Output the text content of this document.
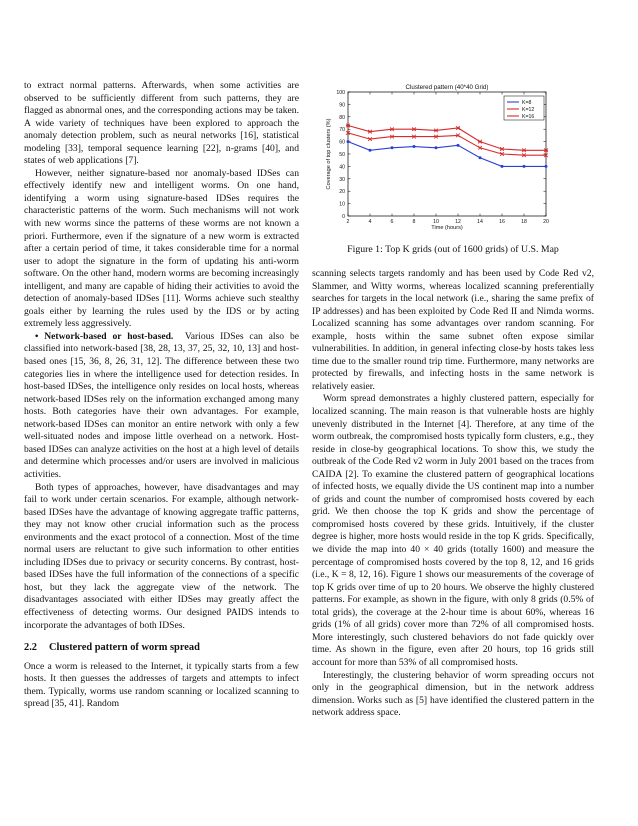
to extract normal patterns. Afterwards, when some activities are observed to be sufficiently different from such patterns, they are flagged as abnormal ones, and the corresponding actions may be taken. A wide variety of techniques have been explored to approach the anomaly detection problem, such as neural networks [16], statistical modeling [33], temporal sequence learning [22], n-grams [40], and states of web applications [7].

However, neither signature-based nor anomaly-based IDSes can effectively identify new and intelligent worms. On one hand, identifying a worm using signature-based IDSes requires the characteristic patterns of the worm. Such mechanisms will not work with new worms since the patterns of these worms are not known a priori. Furthermore, even if the signature of a new worm is extracted after a certain period of time, it takes considerable time for a normal user to adopt the signature in the form of updating his anti-worm software. On the other hand, modern worms are becoming increasingly intelligent, and many are capable of hiding their activities to avoid the detection of anomaly-based IDSes [11]. Worms achieve such stealthy goals either by learning the rules used by the IDS or by acting extremely less aggressively.

• Network-based or host-based. Various IDSes can also be classified into network-based [38, 28, 13, 37, 25, 32, 10, 13] and host-based ones [15, 36, 8, 26, 31, 12]. The difference between these two categories lies in where the intelligence used for detection resides. In host-based IDSes, the intelligence only resides on local hosts, whereas network-based IDSes rely on the information exchanged among many hosts. Both categories have their own advantages. For example, network-based IDSes can monitor an entire network with only a few well-situated nodes and impose little overhead on a network. Host-based IDSes can analyze activities on the host at a high level of details and determine which processes and/or users are involved in malicious activities.

Both types of approaches, however, have disadvantages and may fail to work under certain scenarios. For example, although network-based IDSes have the advantage of knowing aggregate traffic patterns, they may not know other crucial information such as the process environments and the exact protocol of a connection. Most of the time normal users are reluctant to give such information to other entities including IDSes due to privacy or security concerns. By contrast, host-based IDSes have the full information of the connections of a specific host, but they lack the aggregate view of the network. The disadvantages associated with either IDSes may greatly affect the effectiveness of detecting worms. Our designed PAIDS intends to incorporate the advantages of both IDSes.

2.2 Clustered pattern of worm spread

Once a worm is released to the Internet, it typically starts from a few hosts. It then guesses the addresses of targets and attempts to infect them. Typically, worms use random scanning or localized scanning to spread [35, 41]. Random

Clustered pattern (40*40 Grid)
0
10
20
30
40
50
60
70
80
90
100
2	4	6	8	10	12	14	16	18	20
Time (hours)
Coverage of top clusters (%)
K=8
K=12
K=16
Figure 1: Top K grids (out of 1600 grids) of U.S. Map

scanning selects targets randomly and has been used by Code Red v2, Slammer, and Witty worms, whereas localized scanning preferentially searches for targets in the local network (i.e., sharing the same prefix of IP addresses) and has been exploited by Code Red II and Nimda worms. Localized scanning has some advantages over random scanning. For example, hosts within the same subnet often expose similar vulnerabilities. In addition, in general infecting close-by hosts takes less time due to the smaller round trip time. Furthermore, many networks are protected by firewalls, and infecting hosts in the same network is relatively easier.

Worm spread demonstrates a highly clustered pattern, especially for localized scanning. The main reason is that vulnerable hosts are highly unevenly distributed in the Internet [4]. Therefore, at any time of the worm outbreak, the compromised hosts typically form clusters, e.g., they reside in close-by geographical locations. To show this, we study the outbreak of the Code Red v2 worm in July 2001 based on the traces from CAIDA [2]. To examine the clustered pattern of geographical locations of infected hosts, we equally divide the US continent map into a number of grids and count the number of compromised hosts covered by each grid. We then choose the top K grids and show the percentage of compromised hosts covered by these grids. Intuitively, if the cluster degree is higher, more hosts would reside in the top K grids. Specifically, we divide the map into 40 × 40 grids (totally 1600) and measure the percentage of compromised hosts covered by the top 8, 12, and 16 grids (i.e., K = 8, 12, 16). Figure 1 shows our measurements of the coverage of top K grids over time of up to 20 hours. We observe the highly clustered patterns. For example, as shown in the figure, with only 8 grids (0.5% of total grids), the coverage at the 2-hour time is about 60%, whereas 16 grids (1% of all grids) cover more than 72% of all compromised hosts. More interestingly, such clustered behaviors do not fade quickly over time. As shown in the figure, even after 20 hours, top 16 grids still account for more than 53% of all compromised hosts.

Interestingly, the clustering behavior of worm spreading occurs not only in the geographical dimension, but in the network address dimension. Works such as [5] have identified the clustered pattern in the network address space.
